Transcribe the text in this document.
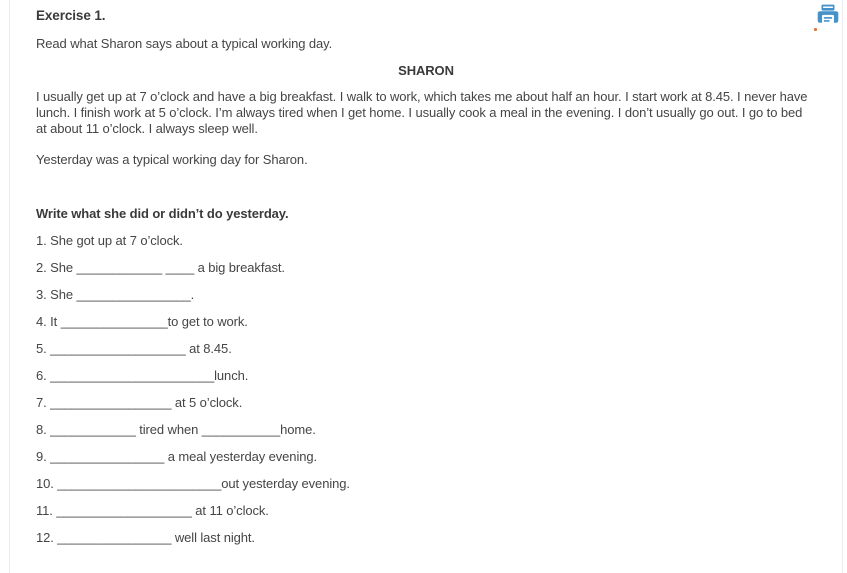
Exercise 1.

Read what Sharon says about a typical working day.

SHARON

I usually get up at 7 o’clock and have a big breakfast. I walk to work, which takes me about half an hour. I start work at 8.45. I never have lunch. I finish work at 5 o’clock. I’m always tired when I get home. I usually cook a meal in the evening. I don’t usually go out. I go to bed at about 11 o’clock. I always sleep well.

Yesterday was a typical working day for Sharon.

Write what she did or didn’t do yesterday.

1. She got up at 7 o’clock.

2. She ____________ ____ a big breakfast.

3. She ________________.

4. It _______________to get to work.

5. ___________________ at 8.45.

6. _______________________lunch.

7. _________________ at 5 o’clock.

8. ____________ tired when ___________home.

9. ________________ a meal yesterday evening.

10. _______________________out yesterday evening.

11. ___________________ at 11 o’clock.

12. ________________ well last night.
